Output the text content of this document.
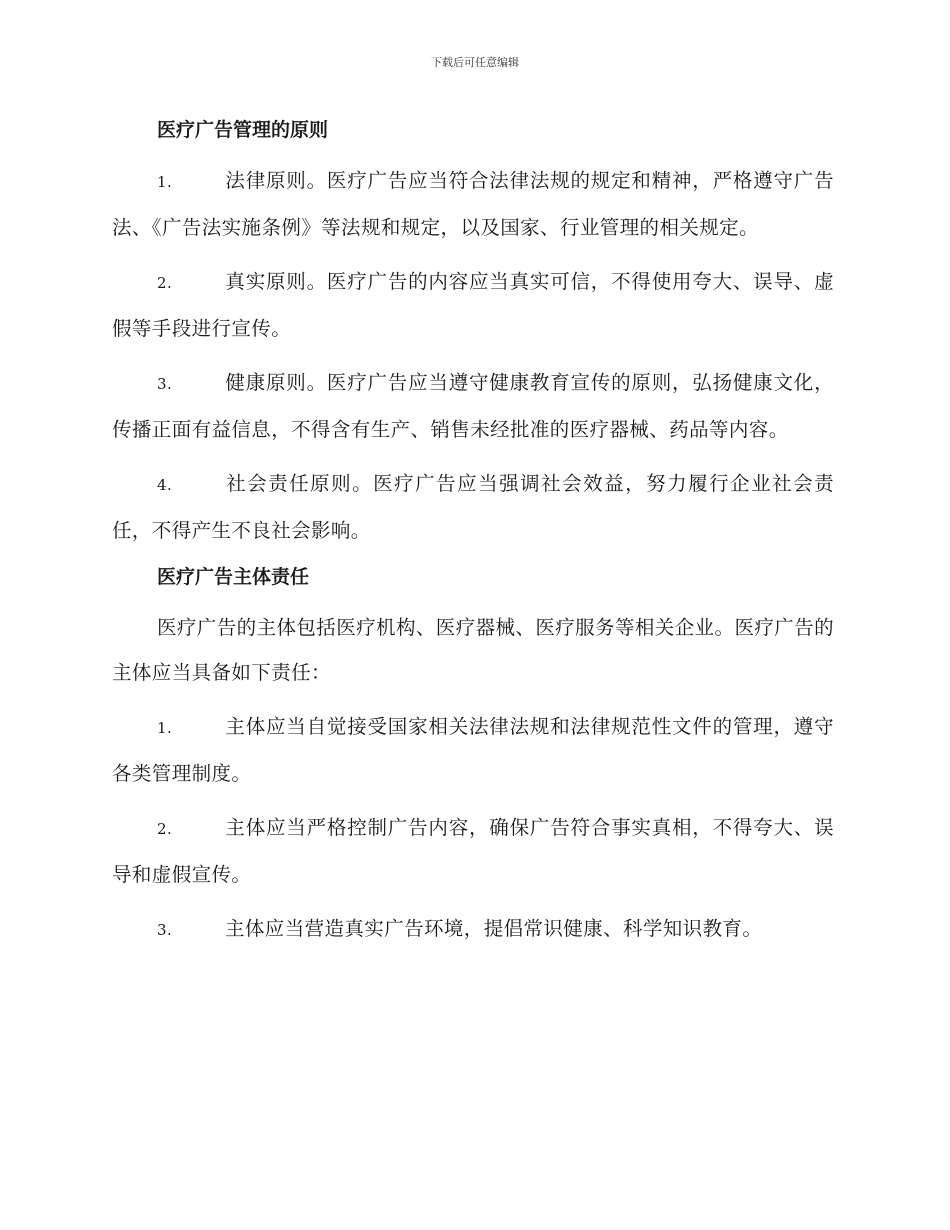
下载后可任意编辑
医疗广告管理的原则

1.	法律原则。医疗广告应当符合法律法规的规定和精神，严格遵守广告法、《广告法实施条例》等法规和规定，以及国家、行业管理的相关规定。

2.	真实原则。医疗广告的内容应当真实可信，不得使用夸大、误导、虚假等手段进行宣传。

3.	健康原则。医疗广告应当遵守健康教育宣传的原则，弘扬健康文化，传播正面有益信息，不得含有生产、销售未经批准的医疗器械、药品等内容。

4.	社会责任原则。医疗广告应当强调社会效益，努力履行企业社会责任，不得产生不良社会影响。

医疗广告主体责任

医疗广告的主体包括医疗机构、医疗器械、医疗服务等相关企业。医疗广告的主体应当具备如下责任：

1.	主体应当自觉接受国家相关法律法规和法律规范性文件的管理，遵守各类管理制度。

2.	主体应当严格控制广告内容，确保广告符合事实真相，不得夸大、误导和虚假宣传。

3.	主体应当营造真实广告环境，提倡常识健康、科学知识教育。
